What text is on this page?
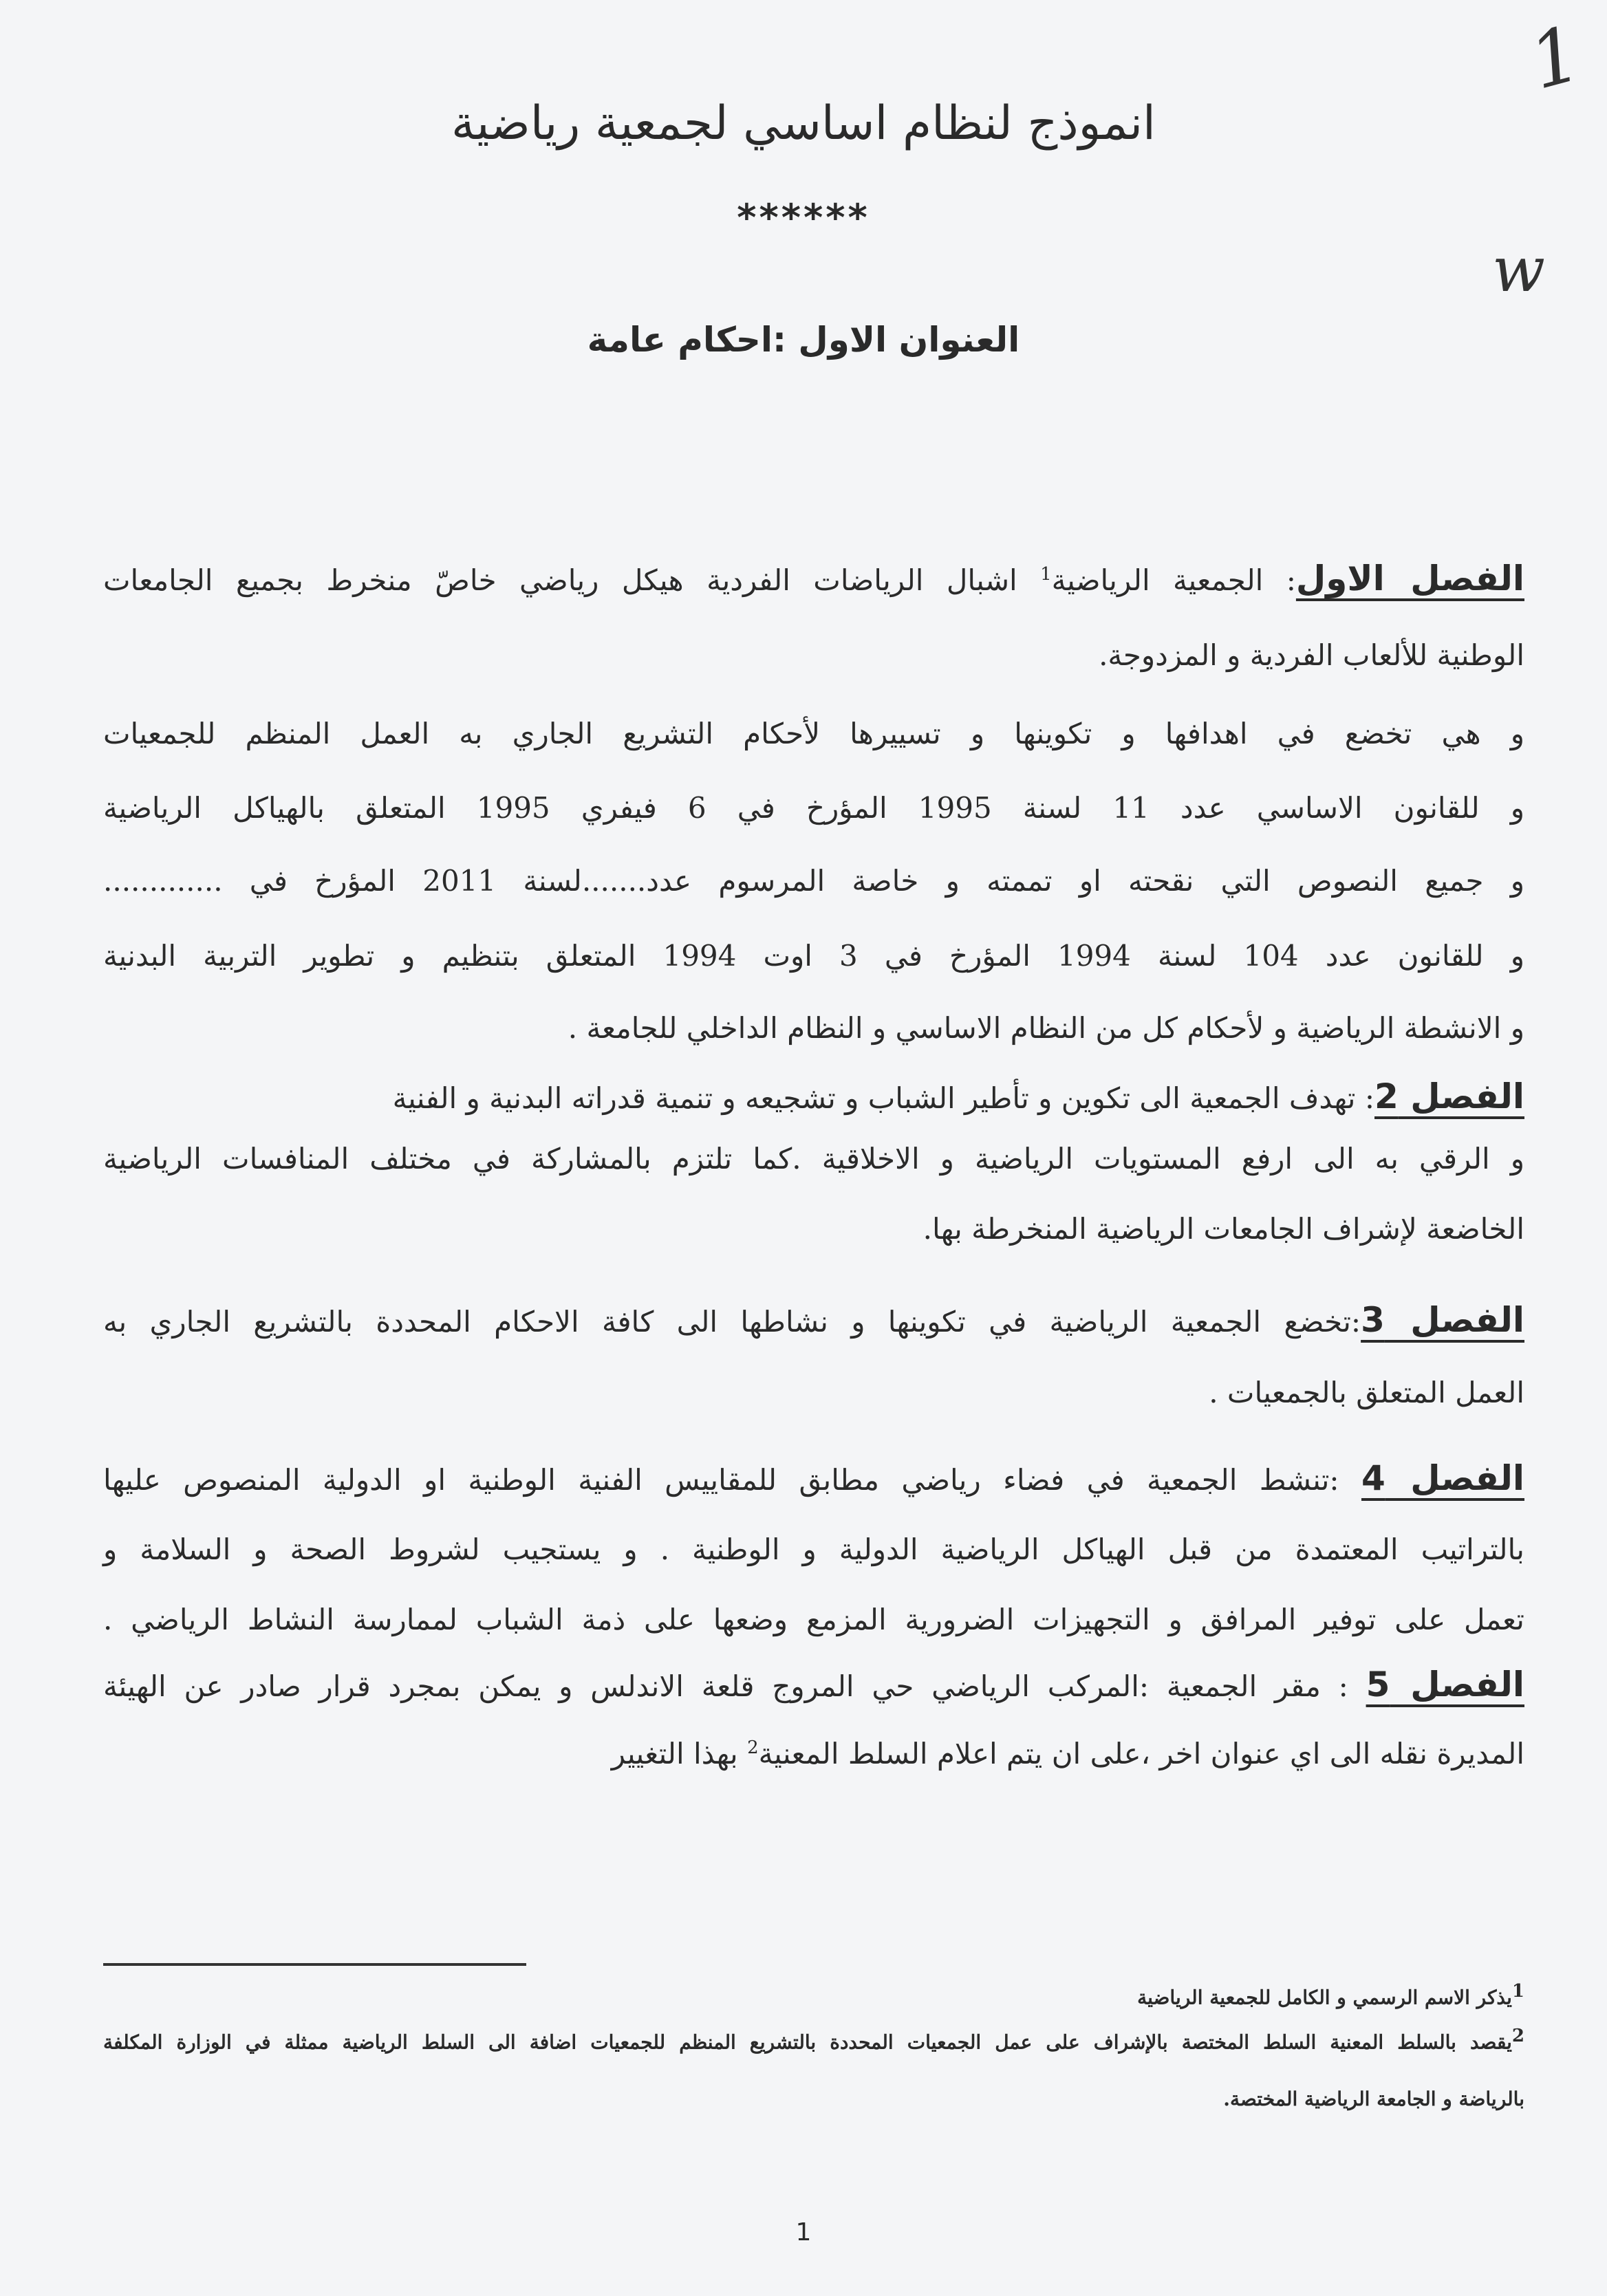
1
w
انموذج لنظام اساسي لجمعية رياضية
******
العنوان الاول :احكام عامة
الفصل الاول: الجمعية الرياضية$^1$ اشبال الرياضات الفردية هيكل رياضي خاصّ منخرط بجميع الجامعات
الوطنية للألعاب الفردية و المزدوجة.
و هي تخضع في اهدافها و تكوينها و تسييرها لأحكام التشريع الجاري به العمل المنظم للجمعيات
و للقانون الاساسي عدد 11 لسنة 1995 المؤرخ في 6 فيفري 1995 المتعلق بالهياكل الرياضية
و جميع النصوص التي نقحته او تممته و خاصة المرسوم عدد.......لسنة 2011 المؤرخ في .............
و للقانون عدد 104 لسنة 1994 المؤرخ في 3 اوت 1994 المتعلق بتنظيم و تطوير التربية البدنية
و الانشطة الرياضية و لأحكام كل من النظام الاساسي و النظام الداخلي للجامعة .
الفصل 2: تهدف الجمعية الى تكوين و تأطير الشباب و تشجيعه و تنمية قدراته البدنية و الفنية
و الرقي به الى ارفع المستويات الرياضية و الاخلاقية .كما تلتزم بالمشاركة في مختلف المنافسات الرياضية
الخاضعة لإشراف الجامعات الرياضية المنخرطة بها.
الفصل 3:تخضع الجمعية الرياضية في تكوينها و نشاطها الى كافة الاحكام المحددة بالتشريع الجاري به
العمل المتعلق بالجمعيات .
الفصل 4 :تنشط الجمعية في فضاء رياضي مطابق للمقاييس الفنية الوطنية او الدولية المنصوص عليها
بالتراتيب المعتمدة من قبل الهياكل الرياضية الدولية و الوطنية . و يستجيب لشروط الصحة و السلامة و
تعمل على توفير المرافق و التجهيزات الضرورية المزمع وضعها على ذمة الشباب لممارسة النشاط الرياضي .
الفصل 5 : مقر الجمعية :المركب الرياضي حي المروج قلعة الاندلس و يمكن بمجرد قرار صادر عن الهيئة
المديرة نقله الى اي عنوان اخر ،على ان يتم اعلام السلط المعنية$^2$ بهذا التغيير
$^1$يذكر الاسم الرسمي و الكامل للجمعية الرياضية
$^2$يقصد بالسلط المعنية السلط المختصة بالإشراف على عمل الجمعيات المحددة بالتشريع المنظم للجمعيات اضافة الى السلط الرياضية ممثلة في الوزارة المكلفة
بالرياضة و الجامعة الرياضية المختصة.
1
